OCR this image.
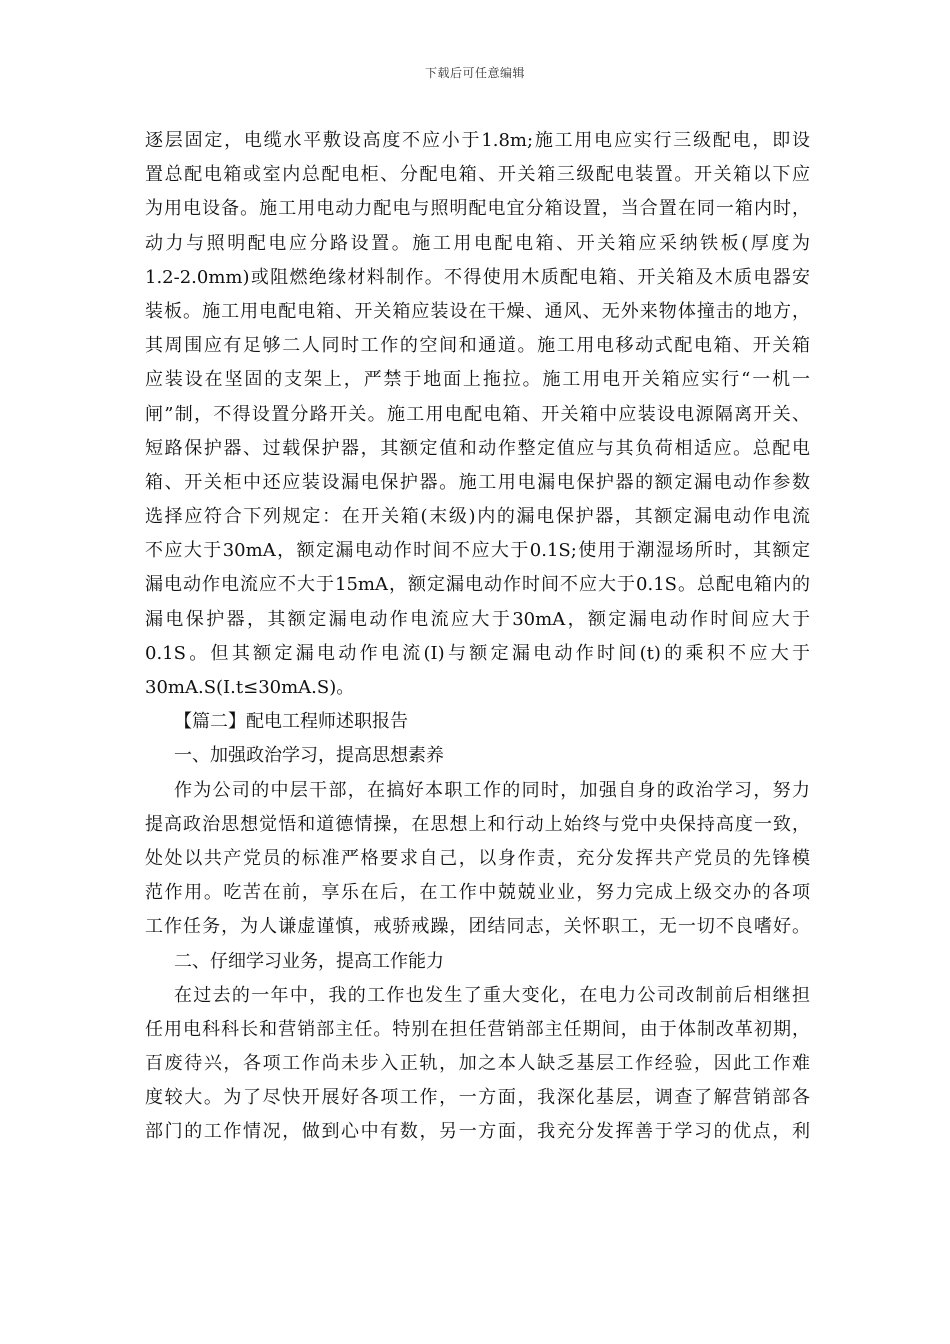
下载后可任意编辑
逐层固定，电缆水平敷设高度不应小于1.8m;施工用电应实行三级配电，即设
置总配电箱或室内总配电柜、分配电箱、开关箱三级配电装置。开关箱以下应
为用电设备。施工用电动力配电与照明配电宜分箱设置，当合置在同一箱内时，
动力与照明配电应分路设置。施工用电配电箱、开关箱应采纳铁板(厚度为
1.2-2.0mm)或阻燃绝缘材料制作。不得使用木质配电箱、开关箱及木质电器安
装板。施工用电配电箱、开关箱应装设在干燥、通风、无外来物体撞击的地方，
其周围应有足够二人同时工作的空间和通道。施工用电移动式配电箱、开关箱
应装设在坚固的支架上，严禁于地面上拖拉。施工用电开关箱应实行“一机一
闸”制，不得设置分路开关。施工用电配电箱、开关箱中应装设电源隔离开关、
短路保护器、过载保护器，其额定值和动作整定值应与其负荷相适应。总配电
箱、开关柜中还应装设漏电保护器。施工用电漏电保护器的额定漏电动作参数
选择应符合下列规定：在开关箱(末级)内的漏电保护器，其额定漏电动作电流
不应大于30mA，额定漏电动作时间不应大于0.1S;使用于潮湿场所时，其额定
漏电动作电流应不大于15mA，额定漏电动作时间不应大于0.1S。总配电箱内的
漏电保护器，其额定漏电动作电流应大于30mA，额定漏电动作时间应大于
0.1S。但其额定漏电动作电流(I)与额定漏电动作时间(t)的乘积不应大于
30mA.S(I.t≤30mA.S)。
【篇二】配电工程师述职报告
一、加强政治学习，提高思想素养
作为公司的中层干部，在搞好本职工作的同时，加强自身的政治学习，努力
提高政治思想觉悟和道德情操，在思想上和行动上始终与党中央保持高度一致，
处处以共产党员的标准严格要求自己，以身作责，充分发挥共产党员的先锋模
范作用。吃苦在前，享乐在后，在工作中兢兢业业，努力完成上级交办的各项
工作任务，为人谦虚谨慎，戒骄戒躁，团结同志，关怀职工，无一切不良嗜好。
二、仔细学习业务，提高工作能力
在过去的一年中，我的工作也发生了重大变化，在电力公司改制前后相继担
任用电科科长和营销部主任。特别在担任营销部主任期间，由于体制改革初期，
百废待兴，各项工作尚未步入正轨，加之本人缺乏基层工作经验，因此工作难
度较大。为了尽快开展好各项工作，一方面，我深化基层，调查了解营销部各
部门的工作情况，做到心中有数，另一方面，我充分发挥善于学习的优点，利
